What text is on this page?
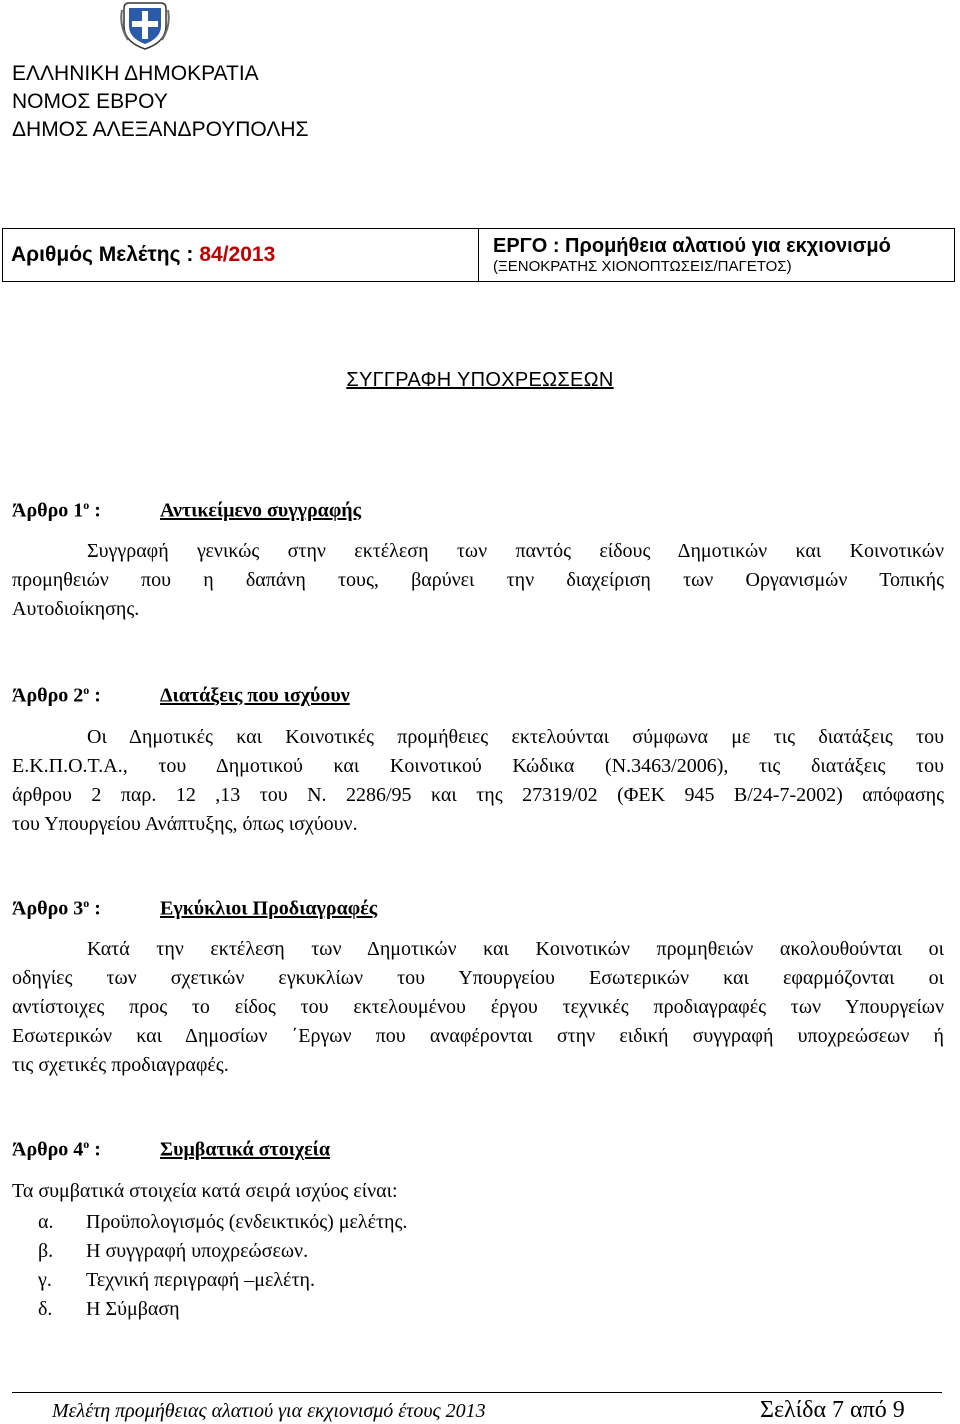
ΕΛΛΗΝΙΚΗ ΔΗΜΟΚΡΑΤΙΑ
ΝΟΜΟΣ ΕΒΡΟΥ
ΔΗΜΟΣ ΑΛΕΞΑΝΔΡΟΥΠΟΛΗΣ
Αριθμός Μελέτης : 84/2013	ΕΡΓΟ : Προμήθεια αλατιού για εκχιονισμό
(ΞΕΝΟΚΡΑΤΗΣ ΧΙΟΝΟΠΤΩΣΕΙΣ/ΠΑΓΕΤΟΣ)
ΣΥΓΓΡΑΦΗ ΥΠΟΧΡΕΩΣΕΩΝ
Άρθρο $1^o$ :	Αντικείμενο συγγραφής
Συγγραφή γενικώς στην εκτέλεση των παντός είδους Δημοτικών και Κοινοτικών
προμηθειών που η δαπάνη τους, βαρύνει την διαχείριση των Οργανισμών Τοπικής
Αυτοδιοίκησης.
Άρθρο $2^o$ :	Διατάξεις που ισχύουν
Οι Δημοτικές και Κοινοτικές προμήθειες εκτελούνται σύμφωνα με τις διατάξεις του
Ε.Κ.Π.Ο.Τ.Α., του Δημοτικού και Κοινοτικού Κώδικα (Ν.3463/2006), τις διατάξεις του
άρθρου 2 παρ. 12 ,13 του Ν. 2286/95 και της 27319/02 (ΦΕΚ 945 Β/24-7-2002) απόφασης
του Υπουργείου Ανάπτυξης, όπως ισχύουν.
Άρθρο $3^o$ :	Εγκύκλιοι Προδιαγραφές
Κατά την εκτέλεση των Δημοτικών και Κοινοτικών προμηθειών ακολουθούνται οι
οδηγίες των σχετικών εγκυκλίων του Υπουργείου Εσωτερικών και εφαρμόζονται οι
αντίστοιχες προς το είδος του εκτελουμένου έργου τεχνικές προδιαγραφές των Υπουργείων
Εσωτερικών και Δημοσίων ΄Εργων που αναφέρονται στην ειδική συγγραφή υποχρεώσεων ή
τις σχετικές προδιαγραφές.
Άρθρο $4^o$ :	Συμβατικά στοιχεία
Τα συμβατικά στοιχεία κατά σειρά ισχύος είναι:
α. Προϋπολογισμός (ενδεικτικός) μελέτης.
β. Η συγγραφή υποχρεώσεων.
γ. Τεχνική περιγραφή –μελέτη.
δ. Η Σύμβαση
Μελέτη προμήθειας αλατιού για εκχιονισμό έτους 2013	Σελίδα 7 από 9
